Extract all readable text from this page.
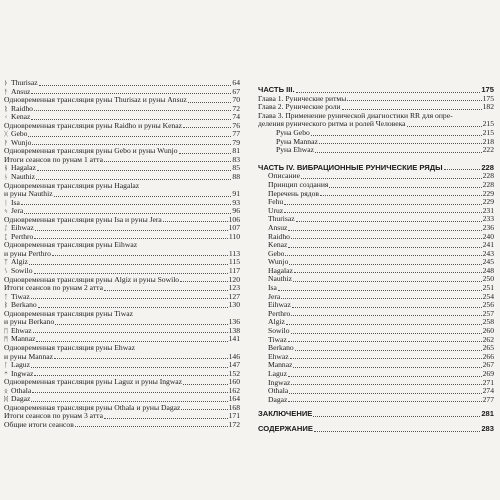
ᚦ Thurisaz	64
ᚨ Ansuz	67
Одновременная трансляция руны Thurisaz и руны Ansuz	70
ᚱ Raidho	72
ᚲ Kenaz	74
Одновременная трансляция руны Raidho и руны Kenaz	76
ᚷ Gebo	77
ᚹ Wunjo	79
Одновременная трансляция руны Gebo и руны Wunjo	81
Итоги сеансов по рунам 1 атта	83
ᚺ Hagalaz	85
ᚾ Nauthiz	88
Одновременная трансляция руны Hagalaz
и руны Nauthiz	91
ᛁ Isa	93
ᛃ Jera	96
Одновременная трансляция руны Isa и руны Jera	106
ᛇ Eihwaz	107
ᛈ Perthro	110
Одновременная трансляция руны Eihwaz
и руны Perthro	113
ᛉ Algiz	115
ᛊ Sowilo	117
Одновременная трансляция руны Algiz и руны Sowilo	120
Итоги сеансов по рунам 2 атта	123
ᛏ Tiwaz	127
ᛒ Berkano	130
Одновременная трансляция руны Tiwaz
и руны Berkano	136
ᛖ Ehwaz	138
ᛗ Mannaz	141
Одновременная трансляция руны Ehwaz
и руны Mannaz	146
ᛚ Laguz	147
ᛜ Ingwaz	152
Одновременная трансляция руны Laguz и руны Ingwaz	160
ᛟ Othala	162
ᛞ Dagaz	164
Одновременная трансляция руны Othala и руны Dagaz	168
Итоги сеансов по рунам 3 атта	171
Общие итоги сеансов	172
ЧАСТЬ III.	175
Глава 1. Рунические ритмы	175
Глава 2. Рунические роли	182
Глава 3. Применение рунической диагностики RR для опре-
деления рунического ритма и ролей Человека	215
Руна Gebo	215
Руна Mannaz	218
Руна Ehwaz	222
ЧАСТЬ IV. ВИБРАЦИОННЫЕ РУНИЧЕСКИЕ РЯДЫ	228
Описание	228
Принцип создания	228
Перечень рядов	229
Fehu	229
Uruz	231
Thurisaz	233
Ansuz	236
Raidho	240
Kenaz	241
Gebo	243
Wunjo	245
Hagalaz	248
Nauthiz	250
Isa	251
Jera	254
Eihwaz	256
Perthro	257
Algiz	258
Sowilo	260
Tiwaz	262
Berkano	265
Ehwaz	266
Mannaz	267
Laguz	269
Ingwaz	271
Othala	274
Dagaz	277
ЗАКЛЮЧЕНИЕ	281
СОДЕРЖАНИЕ	283
